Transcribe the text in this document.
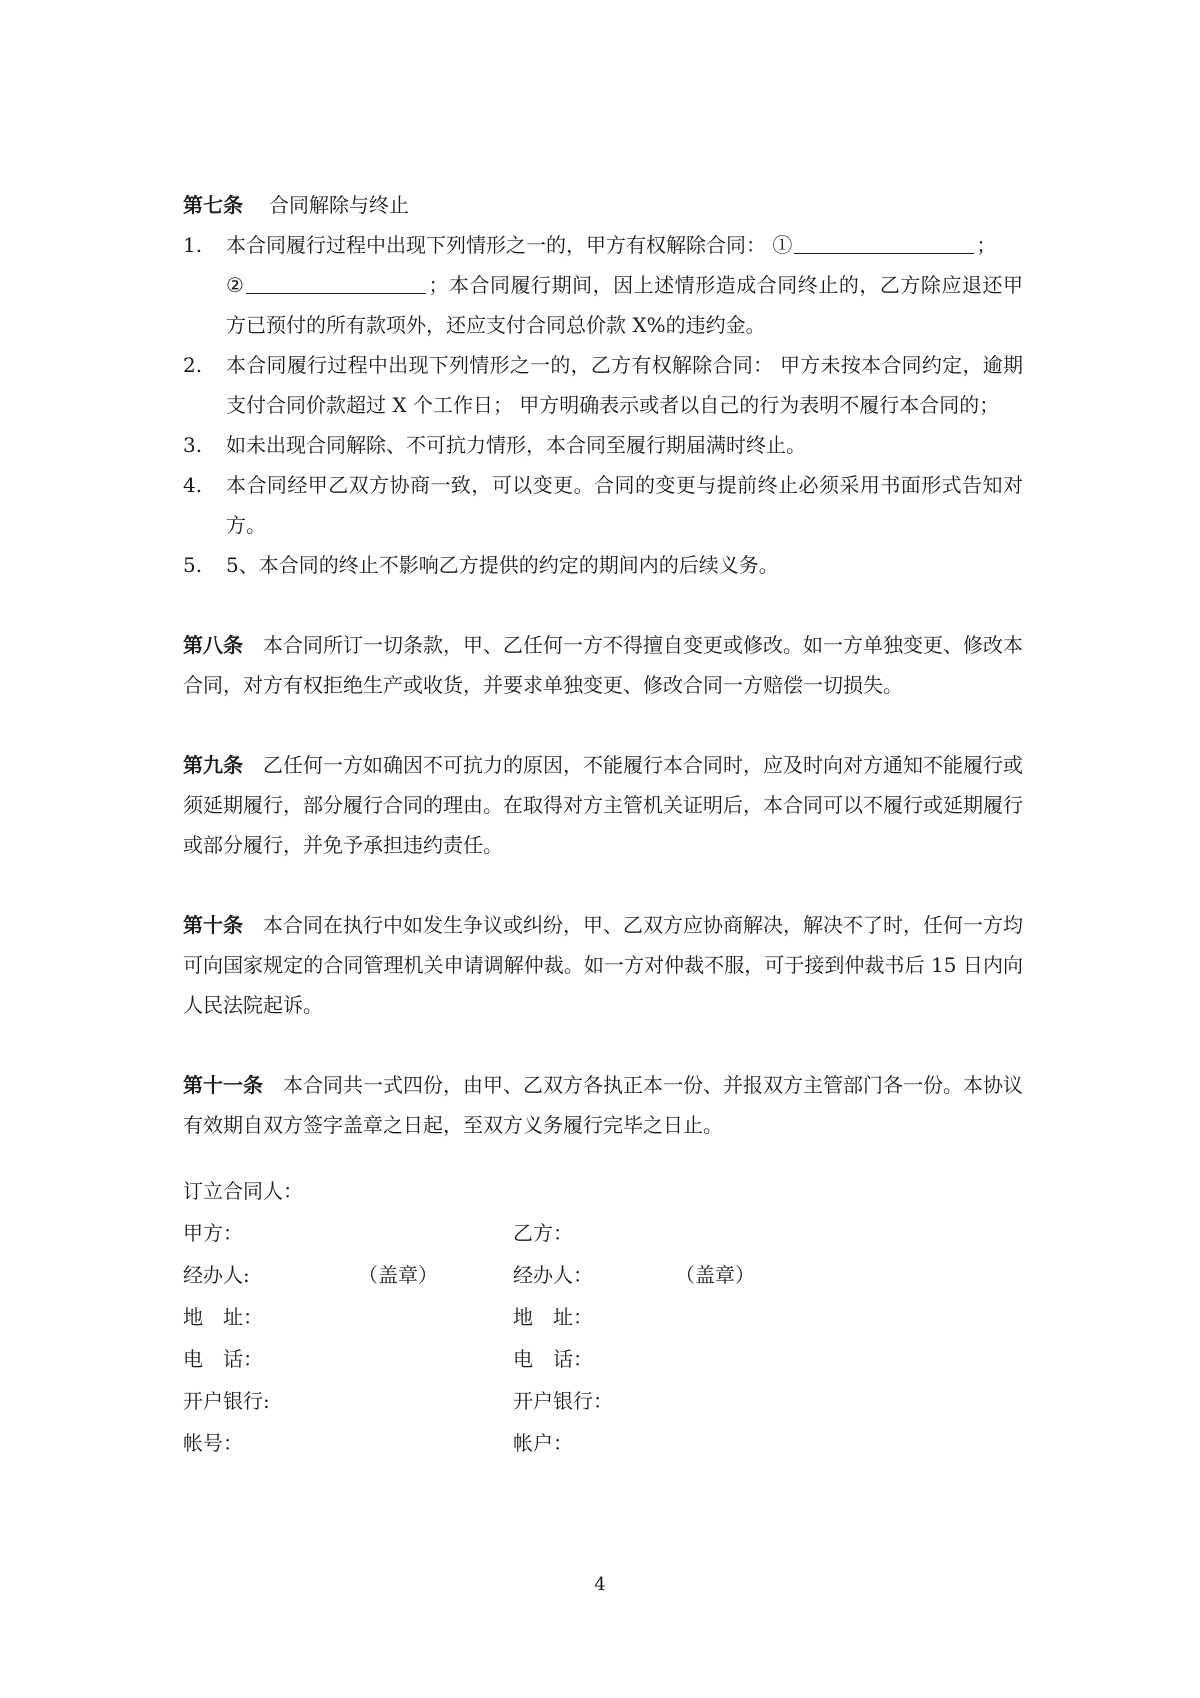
第七条 合同解除与终止
1.	本合同履行过程中出现下列情形之一的，甲方有权解除合同： ①	；
②	；本合同履行期间，因上述情形造成合同终止的，乙方除应退还甲方已预付的所有款项外，还应支付合同总价款 X%的违约金。
2.	本合同履行过程中出现下列情形之一的，乙方有权解除合同： 甲方未按本合同约定，逾期支付合同价款超过 X 个工作日； 甲方明确表示或者以自己的行为表明不履行本合同的；
3.	如未出现合同解除、不可抗力情形，本合同至履行期届满时终止。
4.	本合同经甲乙双方协商一致，可以变更。合同的变更与提前终止必须采用书面形式告知对方。
5.	5、本合同的终止不影响乙方提供的约定的期间内的后续义务。
第八条 本合同所订一切条款，甲、乙任何一方不得擅自变更或修改。如一方单独变更、修改本合同，对方有权拒绝生产或收货，并要求单独变更、修改合同一方赔偿一切损失。
第九条 乙任何一方如确因不可抗力的原因，不能履行本合同时，应及时向对方通知不能履行或须延期履行，部分履行合同的理由。在取得对方主管机关证明后，本合同可以不履行或延期履行或部分履行，并免予承担违约责任。
第十条 本合同在执行中如发生争议或纠纷，甲、乙双方应协商解决，解决不了时，任何一方均可向国家规定的合同管理机关申请调解仲裁。如一方对仲裁不服，可于接到仲裁书后 15 日内向人民法院起诉。
第十一条 本合同共一式四份，由甲、乙双方各执正本一份、并报双方主管部门各一份。本协议有效期自双方签字盖章之日起，至双方义务履行完毕之日止。
订立合同人：
甲方：	乙方：
经办人:	（盖章）	经办人：	（盖章）
地　址：	地　址：
电　话：	电　话：
开户银行:	开户银行：
帐号：	帐户：
4
